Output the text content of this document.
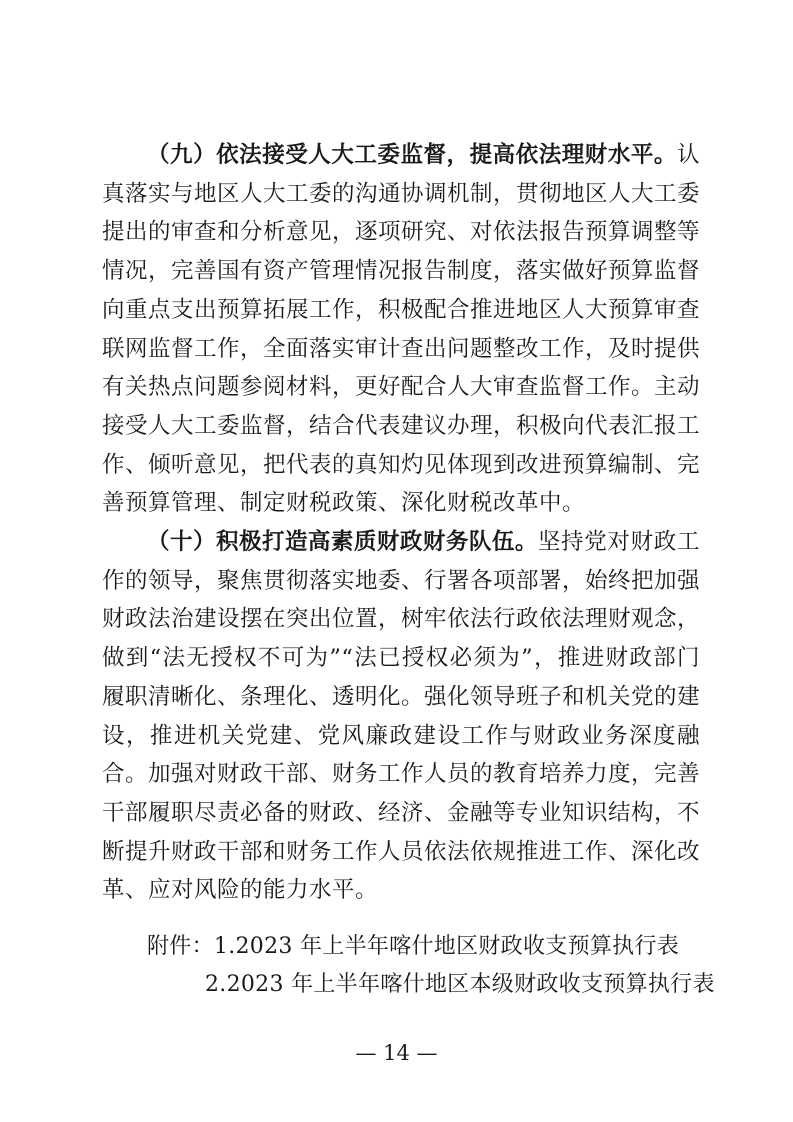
（九）依法接受人大工委监督，提高依法理财水平。认真落实与地区人大工委的沟通协调机制，贯彻地区人大工委提出的审查和分析意见，逐项研究、对依法报告预算调整等情况，完善国有资产管理情况报告制度，落实做好预算监督向重点支出预算拓展工作，积极配合推进地区人大预算审查联网监督工作，全面落实审计查出问题整改工作，及时提供有关热点问题参阅材料，更好配合人大审查监督工作。主动接受人大工委监督，结合代表建议办理，积极向代表汇报工作、倾听意见，把代表的真知灼见体现到改进预算编制、完善预算管理、制定财税政策、深化财税改革中。

（十）积极打造高素质财政财务队伍。坚持党对财政工作的领导，聚焦贯彻落实地委、行署各项部署，始终把加强财政法治建设摆在突出位置，树牢依法行政依法理财观念，做到“法无授权不可为”“法已授权必须为”，推进财政部门履职清晰化、条理化、透明化。强化领导班子和机关党的建设，推进机关党建、党风廉政建设工作与财政业务深度融合。加强对财政干部、财务工作人员的教育培养力度，完善干部履职尽责必备的财政、经济、金融等专业知识结构，不断提升财政干部和财务工作人员依法依规推进工作、深化改革、应对风险的能力水平。

附件：1.2023 年上半年喀什地区财政收支预算执行表
2.2023 年上半年喀什地区本级财政收支预算执行表
— 14 —
